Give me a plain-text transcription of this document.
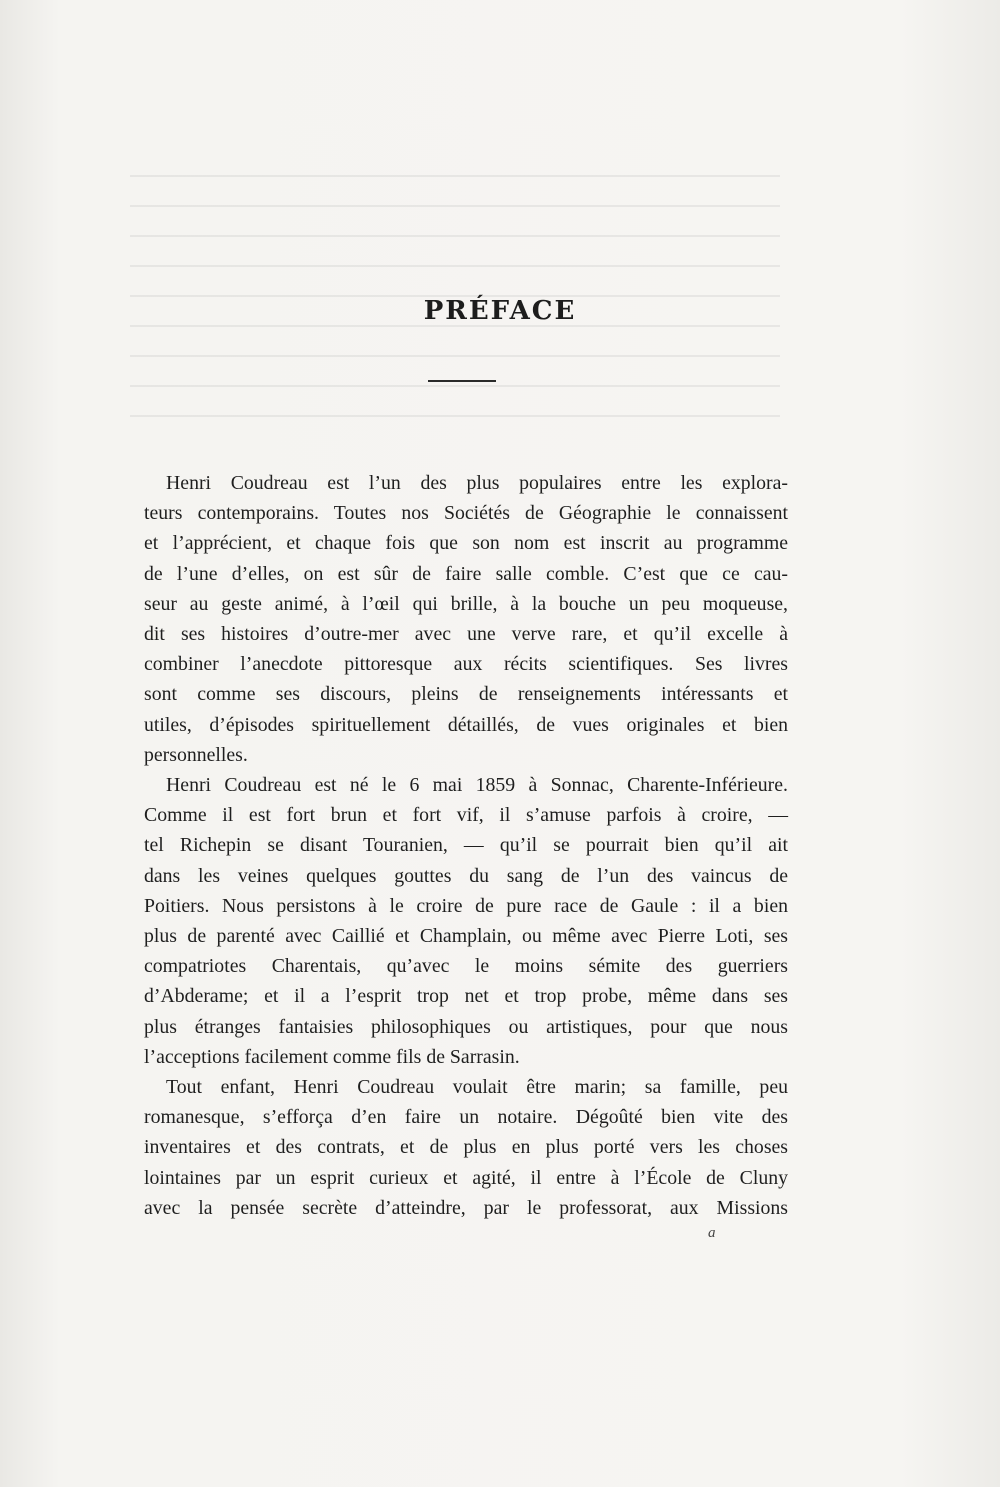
PRÉFACE
Henri Coudreau est l’un des plus populaires entre les explora-
teurs contemporains. Toutes nos Sociétés de Géographie le connaissent
et l’apprécient, et chaque fois que son nom est inscrit au programme
de l’une d’elles, on est sûr de faire salle comble. C’est que ce cau-
seur au geste animé, à l’œil qui brille, à la bouche un peu moqueuse,
dit ses histoires d’outre-mer avec une verve rare, et qu’il excelle à
combiner l’anecdote pittoresque aux récits scientifiques. Ses livres
sont comme ses discours, pleins de renseignements intéressants et
utiles, d’épisodes spirituellement détaillés, de vues originales et bien
personnelles.
Henri Coudreau est né le 6 mai 1859 à Sonnac, Charente-Inférieure.
Comme il est fort brun et fort vif, il s’amuse parfois à croire, —
tel Richepin se disant Touranien, — qu’il se pourrait bien qu’il ait
dans les veines quelques gouttes du sang de l’un des vaincus de
Poitiers. Nous persistons à le croire de pure race de Gaule : il a bien
plus de parenté avec Caillié et Champlain, ou même avec Pierre Loti, ses
compatriotes Charentais, qu’avec le moins sémite des guerriers
d’Abderame; et il a l’esprit trop net et trop probe, même dans ses
plus étranges fantaisies philosophiques ou artistiques, pour que nous
l’acceptions facilement comme fils de Sarrasin.
Tout enfant, Henri Coudreau voulait être marin; sa famille, peu
romanesque, s’efforça d’en faire un notaire. Dégoûté bien vite des
inventaires et des contrats, et de plus en plus porté vers les choses
lointaines par un esprit curieux et agité, il entre à l’École de Cluny
avec la pensée secrète d’atteindre, par le professorat, aux Missions
a
